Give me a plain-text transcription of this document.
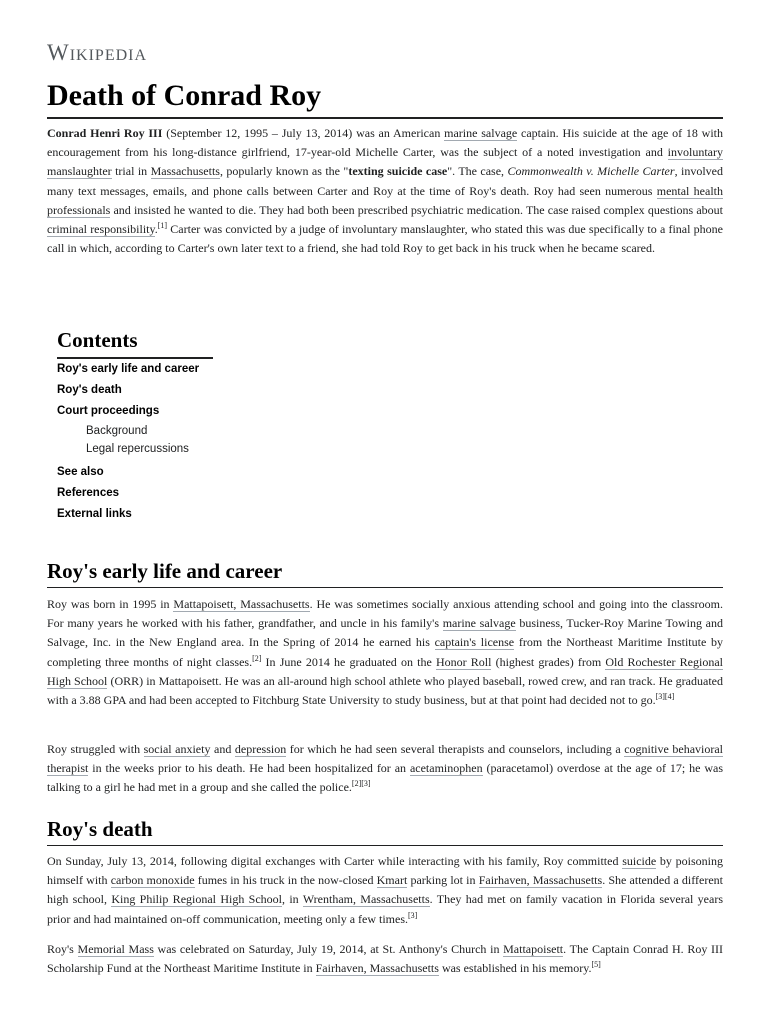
Wikipedia
Death of Conrad Roy

Conrad Henri Roy III (September 12, 1995 – July 13, 2014) was an American marine salvage captain. His suicide at the age of 18 with encouragement from his long-distance girlfriend, 17-year-old Michelle Carter, was the subject of a noted investigation and involuntary manslaughter trial in Massachusetts, popularly known as the "texting suicide case". The case, Commonwealth v. Michelle Carter, involved many text messages, emails, and phone calls between Carter and Roy at the time of Roy's death. Roy had seen numerous mental health professionals and insisted he wanted to die. They had both been prescribed psychiatric medication. The case raised complex questions about criminal responsibility.[1] Carter was convicted by a judge of involuntary manslaughter, who stated this was due specifically to a final phone call in which, according to Carter's own later text to a friend, she had told Roy to get back in his truck when he became scared.

Contents
Roy's early life and career
Roy's death
Court proceedings
Background
Legal repercussions
See also
References
External links
Roy's early life and career

Roy was born in 1995 in Mattapoisett, Massachusetts. He was sometimes socially anxious attending school and going into the classroom. For many years he worked with his father, grandfather, and uncle in his family's marine salvage business, Tucker-Roy Marine Towing and Salvage, Inc. in the New England area. In the Spring of 2014 he earned his captain's license from the Northeast Maritime Institute by completing three months of night classes.[2] In June 2014 he graduated on the Honor Roll (highest grades) from Old Rochester Regional High School (ORR) in Mattapoisett. He was an all-around high school athlete who played baseball, rowed crew, and ran track. He graduated with a 3.88 GPA and had been accepted to Fitchburg State University to study business, but at that point had decided not to go.[3][4]

Roy struggled with social anxiety and depression for which he had seen several therapists and counselors, including a cognitive behavioral therapist in the weeks prior to his death. He had been hospitalized for an acetaminophen (paracetamol) overdose at the age of 17; he was talking to a girl he had met in a group and she called the police.[2][3]

Roy's death

On Sunday, July 13, 2014, following digital exchanges with Carter while interacting with his family, Roy committed suicide by poisoning himself with carbon monoxide fumes in his truck in the now-closed Kmart parking lot in Fairhaven, Massachusetts. She attended a different high school, King Philip Regional High School, in Wrentham, Massachusetts. They had met on family vacation in Florida several years prior and had maintained on-off communication, meeting only a few times.[3]

Roy's Memorial Mass was celebrated on Saturday, July 19, 2014, at St. Anthony's Church in Mattapoisett. The Captain Conrad H. Roy III Scholarship Fund at the Northeast Maritime Institute in Fairhaven, Massachusetts was established in his memory.[5]
